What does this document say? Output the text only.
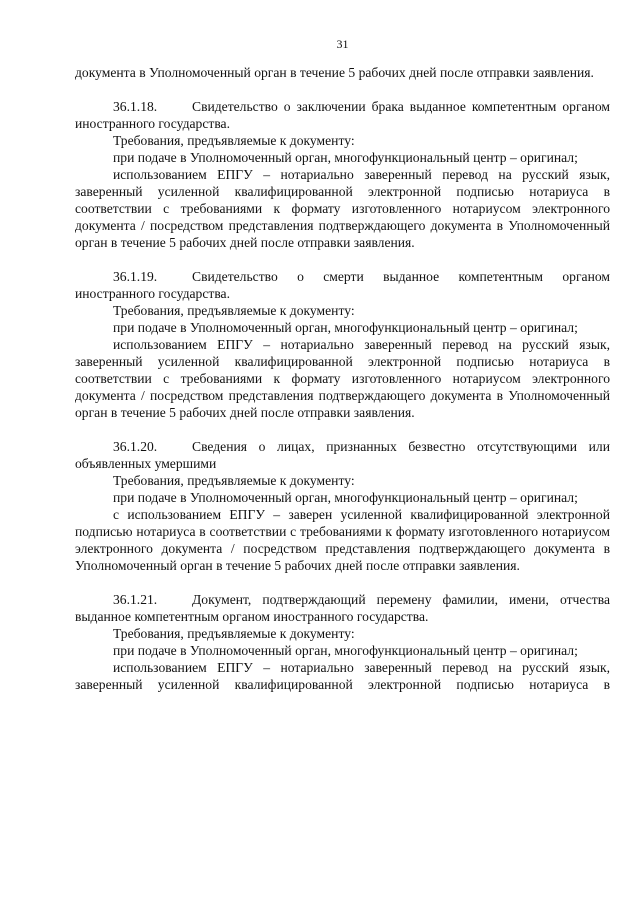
31

документа в Уполномоченный орган в течение 5 рабочих дней после отправки заявления.

36.1.18.	Свидетельство о заключении брака выданное компетентным органом иностранного государства.

Требования, предъявляемые к документу:

при подаче в Уполномоченный орган, многофункциональный центр – оригинал;

использованием ЕПГУ – нотариально заверенный перевод на русский язык, заверенный усиленной квалифицированной электронной подписью нотариуса в соответствии с требованиями к формату изготовленного нотариусом электронного документа / посредством представления подтверждающего документа в Уполномоченный орган в течение 5 рабочих дней после отправки заявления.

36.1.19.	Свидетельство о смерти выданное компетентным органом иностранного государства.

Требования, предъявляемые к документу:

при подаче в Уполномоченный орган, многофункциональный центр – оригинал;

использованием ЕПГУ – нотариально заверенный перевод на русский язык, заверенный усиленной квалифицированной электронной подписью нотариуса в соответствии с требованиями к формату изготовленного нотариусом электронного документа / посредством представления подтверждающего документа в Уполномоченный орган в течение 5 рабочих дней после отправки заявления.

36.1.20.	Сведения о лицах, признанных безвестно отсутствующими или объявленных умершими

Требования, предъявляемые к документу:

при подаче в Уполномоченный орган, многофункциональный центр – оригинал;

с использованием ЕПГУ – заверен усиленной квалифицированной электронной подписью нотариуса в соответствии с требованиями к формату изготовленного нотариусом электронного документа / посредством представления подтверждающего документа в Уполномоченный орган в течение 5 рабочих дней после отправки заявления.

36.1.21.	Документ, подтверждающий перемену фамилии, имени, отчества выданное компетентным органом иностранного государства.

Требования, предъявляемые к документу:

при подаче в Уполномоченный орган, многофункциональный центр – оригинал;

использованием ЕПГУ – нотариально заверенный перевод на русский язык, заверенный усиленной квалифицированной электронной подписью нотариуса в
